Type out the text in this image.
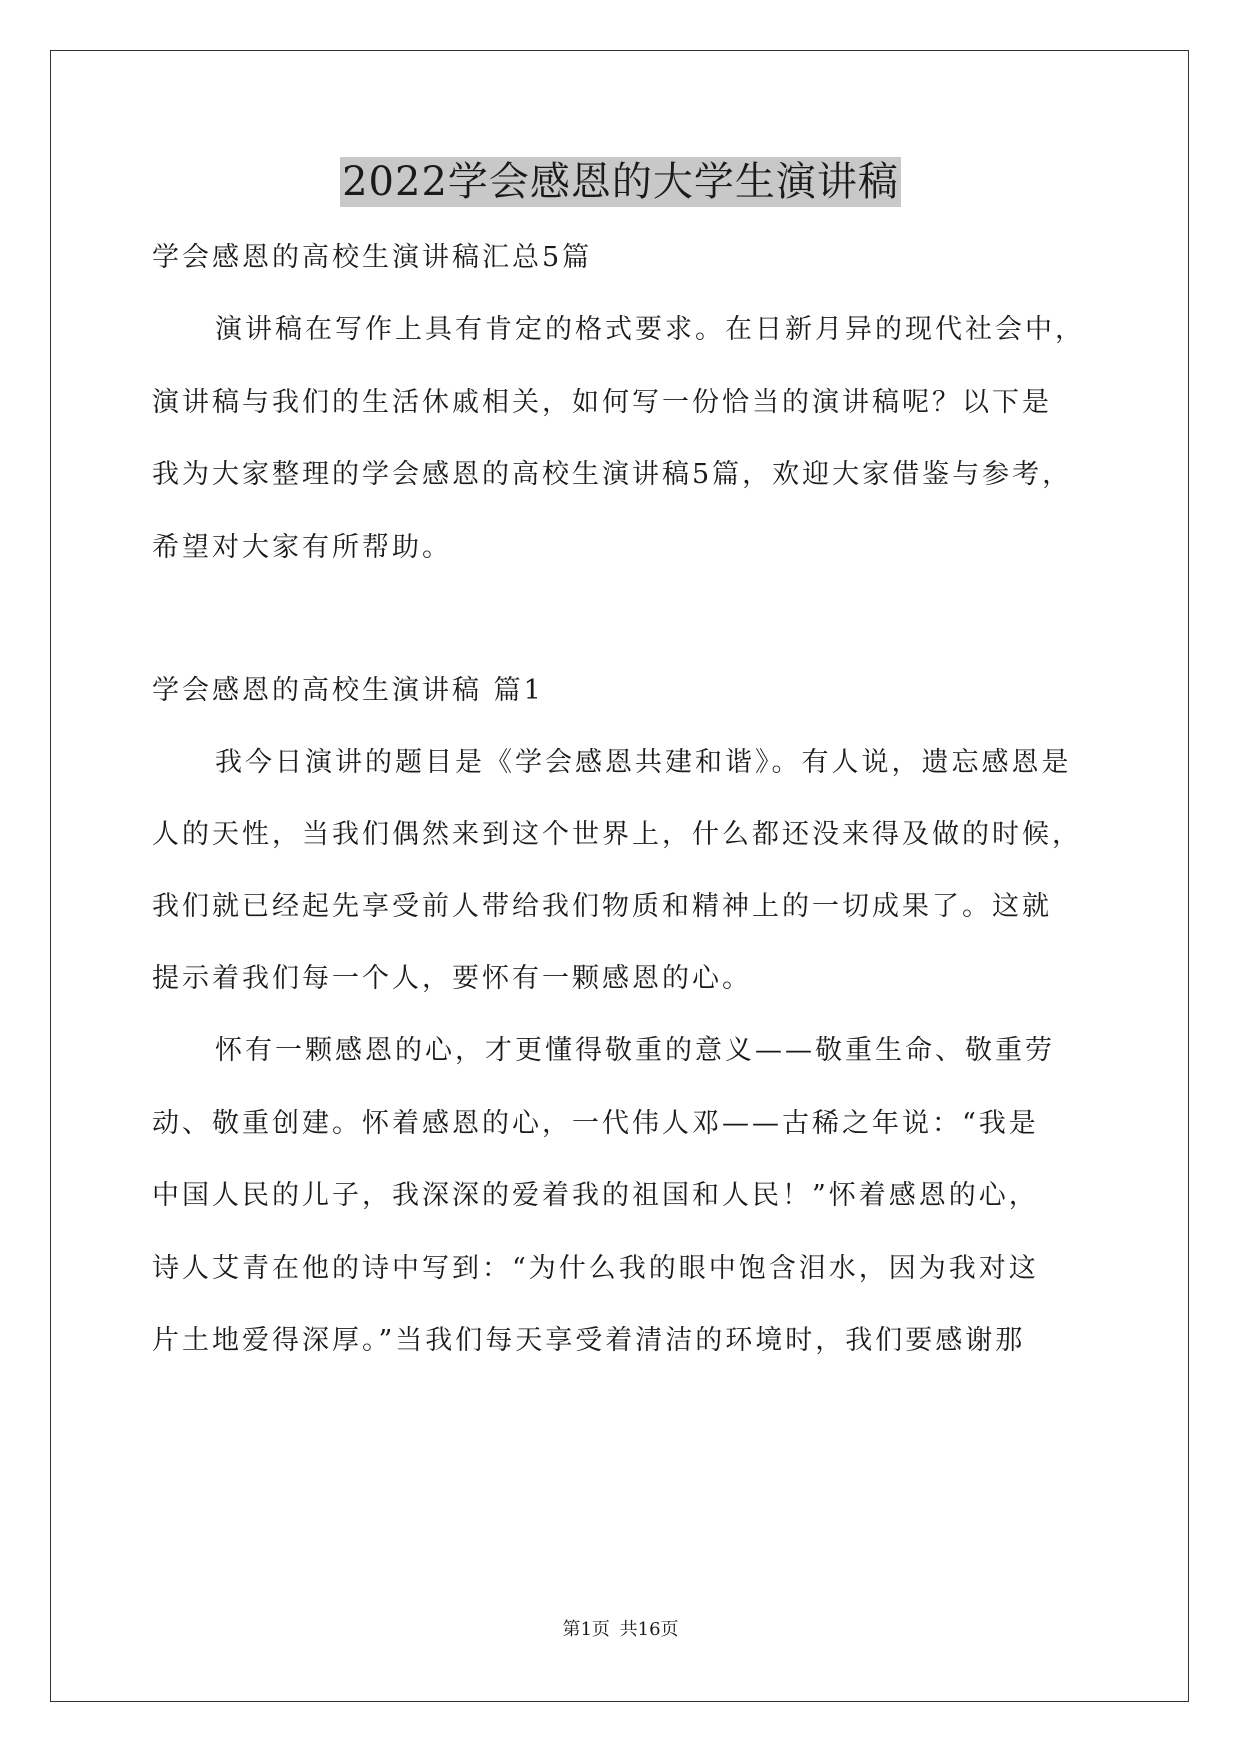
2022学会感恩的大学生演讲稿
学会感恩的高校生演讲稿汇总5篇
演讲稿在写作上具有肯定的格式要求。在日新月异的现代社会中，
演讲稿与我们的生活休戚相关，如何写一份恰当的演讲稿呢？以下是
我为大家整理的学会感恩的高校生演讲稿5篇，欢迎大家借鉴与参考，
希望对大家有所帮助。
学会感恩的高校生演讲稿 篇1
我今日演讲的题目是《学会感恩共建和谐》。有人说，遗忘感恩是
人的天性，当我们偶然来到这个世界上，什么都还没来得及做的时候，
我们就已经起先享受前人带给我们物质和精神上的一切成果了。这就
提示着我们每一个人，要怀有一颗感恩的心。
怀有一颗感恩的心，才更懂得敬重的意义——敬重生命、敬重劳
动、敬重创建。怀着感恩的心，一代伟人邓——古稀之年说：“我是
中国人民的儿子，我深深的爱着我的祖国和人民！”怀着感恩的心，
诗人艾青在他的诗中写到：“为什么我的眼中饱含泪水，因为我对这
片土地爱得深厚。”当我们每天享受着清洁的环境时，我们要感谢那
第1页 共16页
